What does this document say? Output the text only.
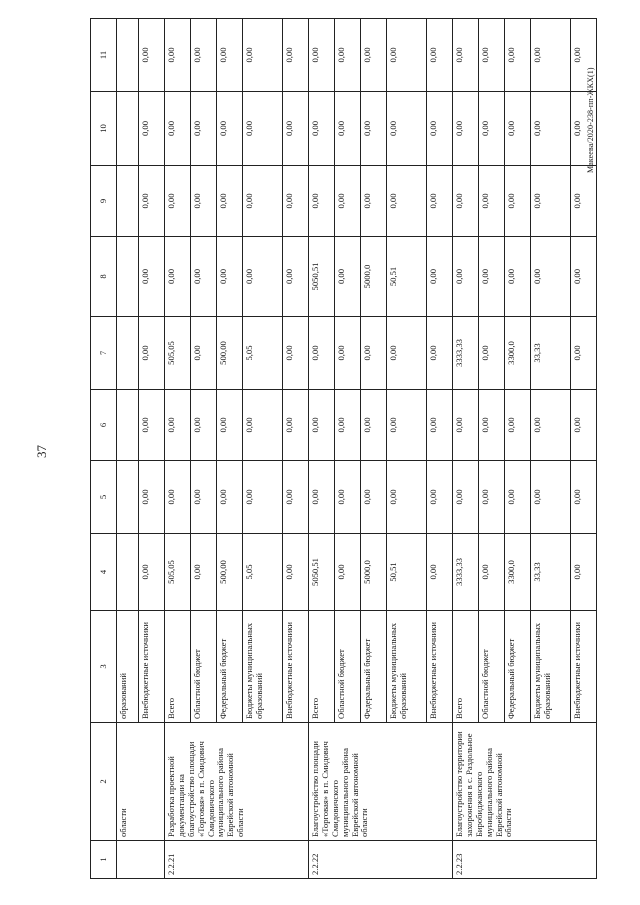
37
Макеева/2020-238-пп-ЖКХ(1)
1	2	3	4	5	6	7	8	9	10	11
	области	образований								
		Внебюджетные источники	0,00	0,00	0,00	0,00	0,00	0,00	0,00	0,00
2.2.21	Разработка проектной документации на благоустройство площади «Торговая» в п. Смидович Смидовичского муниципального района Еврейской автономной области	Всего	505,05	0,00	0,00	505,05	0,00	0,00	0,00	0,00
		Областной бюджет	0,00	0,00	0,00	0,00	0,00	0,00	0,00	0,00
		Федеральный бюджет	500,00	0,00	0,00	500,00	0,00	0,00	0,00	0,00
		Бюджеты муниципальных образований	5,05	0,00	0,00	5,05	0,00	0,00	0,00	0,00
		Внебюджетные источники	0,00	0,00	0,00	0,00	0,00	0,00	0,00	0,00
2.2.22	Благоустройство площади «Торговая» в п. Смидович Смидовичского муниципального района Еврейской автономной области	Всего	5050,51	0,00	0,00	0,00	5050,51	0,00	0,00	0,00
		Областной бюджет	0,00	0,00	0,00	0,00	0,00	0,00	0,00	0,00
		Федеральный бюджет	5000,0	0,00	0,00	0,00	5000,0	0,00	0,00	0,00
		Бюджеты муниципальных образований	50,51	0,00	0,00	0,00	50,51	0,00	0,00	0,00
		Внебюджетные источники	0,00	0,00	0,00	0,00	0,00	0,00	0,00	0,00
2.2.23	Благоустройство территории захоронения в с. Раздольное Биробиджанского муниципального района Еврейской автономной области	Всего	3333,33	0,00	0,00	3333,33	0,00	0,00	0,00	0,00
		Областной бюджет	0,00	0,00	0,00	0,00	0,00	0,00	0,00	0,00
		Федеральный бюджет	3300,0	0,00	0,00	3300,0	0,00	0,00	0,00	0,00
		Бюджеты муниципальных образований	33,33	0,00	0,00	33,33	0,00	0,00	0,00	0,00
		Внебюджетные источники	0,00	0,00	0,00	0,00	0,00	0,00	0,00	0,00
